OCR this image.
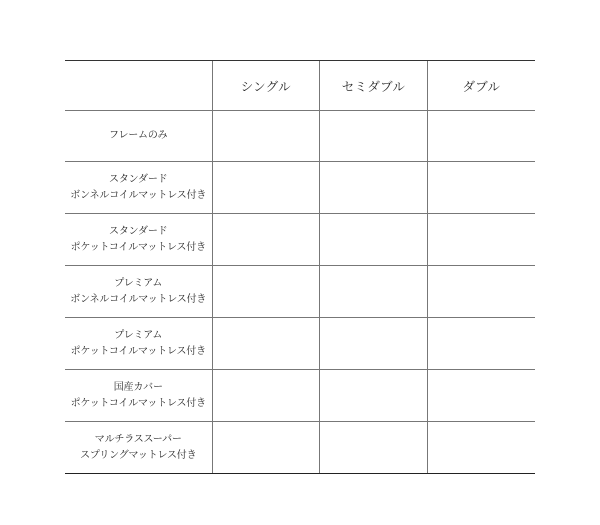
	シングル	セミダブル	ダブル

フレームのみ			

スタンダード
ボンネルコイルマットレス付き			

スタンダード
ポケットコイルマットレス付き			

プレミアム
ボンネルコイルマットレス付き			

プレミアム
ポケットコイルマットレス付き			

国産カバー
ポケットコイルマットレス付き			

マルチラススーパー
スプリングマットレス付き			
